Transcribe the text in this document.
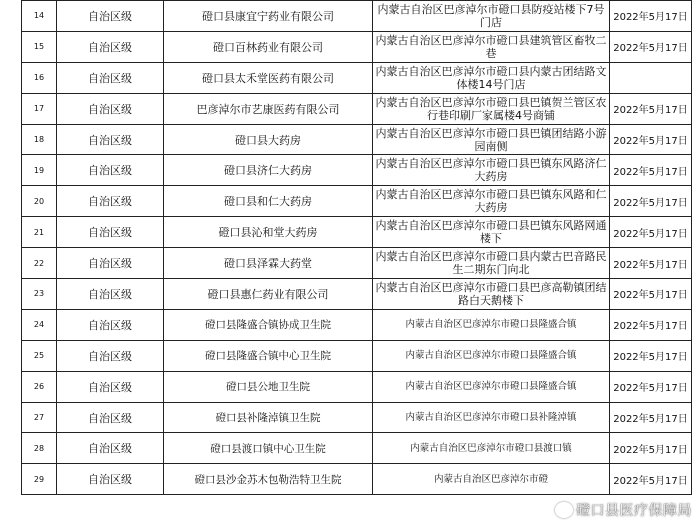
14	自治区级	磴口县康宜宁药业有限公司	内蒙古自治区巴彦淖尔市磴口县防疫站楼下7号门店	2022年5月17日
15	自治区级	磴口百林药业有限公司	内蒙古自治区巴彦淖尔市磴口县建筑管区畜牧二巷	2022年5月17日
16	自治区级	磴口县太禾堂医药有限公司	内蒙古自治区巴彦淖尔市磴口县内蒙古团结路文体楼14号门店	
17	自治区级	巴彦淖尔市艺康医药有限公司	内蒙古自治区巴彦淖尔市磴口县巴镇贺兰管区农行巷印刷厂家属楼4号商铺	2022年5月17日
18	自治区级	磴口县大药房	内蒙古自治区巴彦淖尔市磴口县巴镇团结路小游园南侧	2022年5月17日
19	自治区级	磴口县济仁大药房	内蒙古自治区巴彦淖尔市磴口县巴镇东风路济仁大药房	2022年5月17日
20	自治区级	磴口县和仁大药房	内蒙古自治区巴彦淖尔市磴口县巴镇东风路和仁大药房	2022年5月17日
21	自治区级	磴口县沁和堂大药房	内蒙古自治区巴彦淖尔市磴口县巴镇东风路网通楼下	2022年5月17日
22	自治区级	磴口县泽霖大药堂	内蒙古自治区巴彦淖尔市磴口县内蒙古巴音路民生二期东门向北	2022年5月17日
23	自治区级	磴口县惠仁药业有限公司	内蒙古自治区巴彦淖尔市磴口县巴彦高勒镇团结路白天鹅楼下	2022年5月17日
24	自治区级	磴口县隆盛合镇协成卫生院	内蒙古自治区巴彦淖尔市磴口县隆盛合镇	2022年5月17日
25	自治区级	磴口县隆盛合镇中心卫生院	内蒙古自治区巴彦淖尔市磴口县隆盛合镇	2022年5月17日
26	自治区级	磴口县公地卫生院	内蒙古自治区巴彦淖尔市磴口县隆盛合镇	2022年5月17日
27	自治区级	磴口县补隆淖镇卫生院	内蒙古自治区巴彦淖尔市磴口县补隆淖镇	2022年5月17日
28	自治区级	磴口县渡口镇中心卫生院	内蒙古自治区巴彦淖尔市磴口县渡口镇	2022年5月17日
29	自治区级	磴口县沙金苏木包勒浩特卫生院	内蒙古自治区巴彦淖尔市磴	2022年5月17日
磴口县医疗保障局
